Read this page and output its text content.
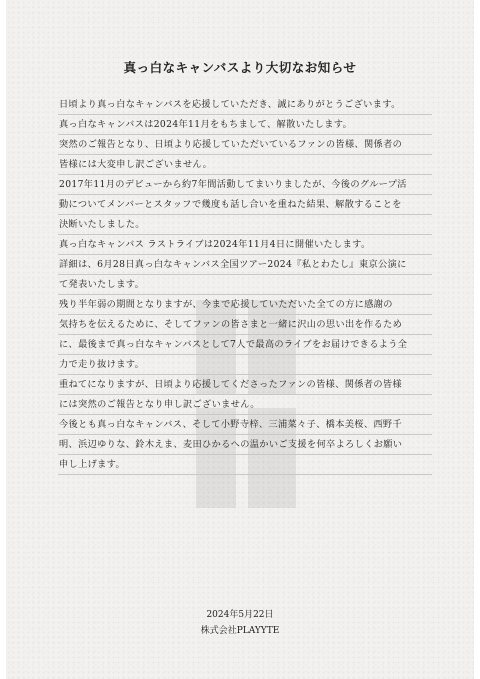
真っ白なキャンバスより大切なお知らせ
日頃より真っ白なキャンバスを応援していただき、誠にありがとうございます。
真っ白なキャンバスは2024年11月をもちまして、解散いたします。
突然のご報告となり、日頃より応援していただいているファンの皆様、関係者の
皆様には大変申し訳ございません。
2017年11月のデビューから約7年間活動してまいりましたが、今後のグループ活
動についてメンバーとスタッフで幾度も話し合いを重ねた結果、解散することを
決断いたしました。
真っ白なキャンバス ラストライブは2024年11月4日に開催いたします。
詳細は、6月28日真っ白なキャンバス全国ツアー2024『私とわたし』東京公演に
て発表いたします。
残り半年弱の期間となりますが、今まで応援していただいた全ての方に感謝の
気持ちを伝えるために、そしてファンの皆さまと一緒に沢山の思い出を作るため
に、最後まで真っ白なキャンバスとして7人で最高のライブをお届けできるよう全
力で走り抜けます。
重ねてになりますが、日頃より応援してくださったファンの皆様、関係者の皆様
には突然のご報告となり申し訳ございません。
今後とも真っ白なキャンバス、そして小野寺梓、三浦菜々子、橋本美桜、西野千
明、浜辺ゆりな、鈴木えま、麦田ひかるへの温かいご支援を何卒よろしくお願い
申し上げます。
2024年5月22日
株式会社PLAYYTE
